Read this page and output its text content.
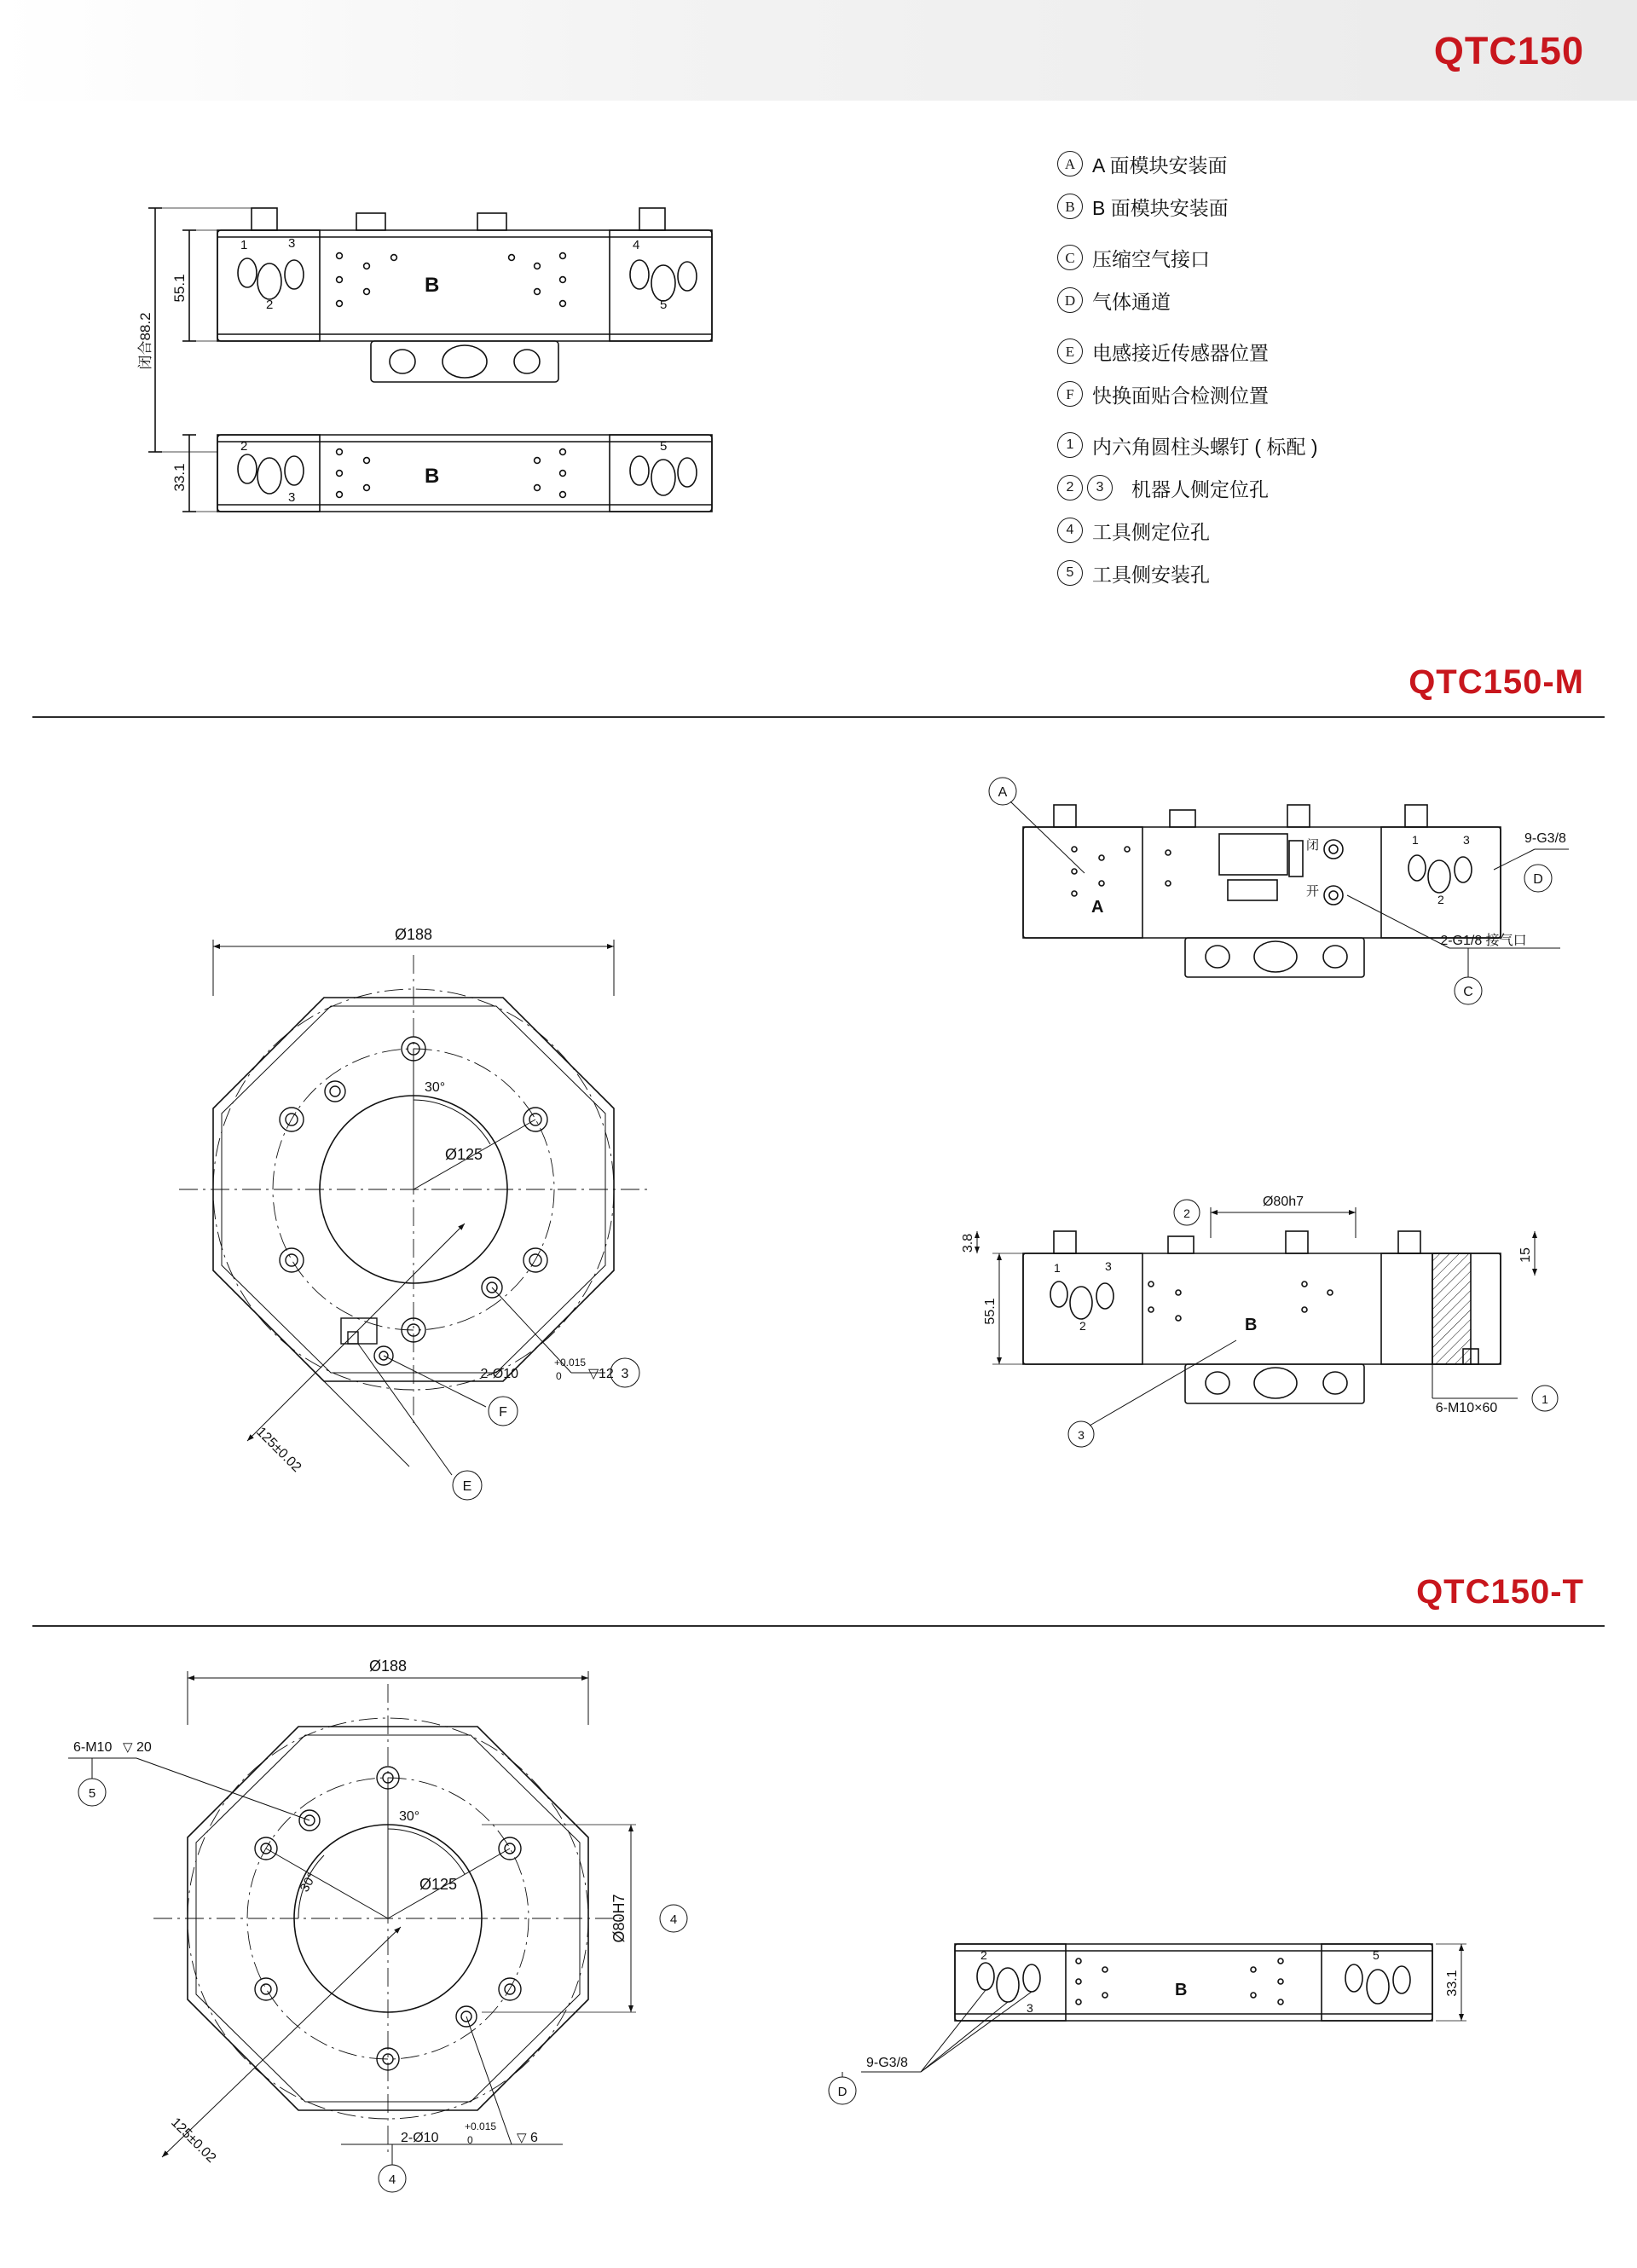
QTC150
A A 面模块安装面
B B 面模块安装面
C 压缩空气接口
D 气体通道
E 电感接近传感器位置
F 快换面贴合检测位置
1 内六角圆柱头螺钉 ( 标配 )
2	3	机器人侧定位孔
4 工具侧定位孔
5 工具侧安装孔
55.1
闭合88.2
33.1
1	3
2
4
5
2
3
5
B
B
QTC150-M
Ø188
Ø125
30°
125±0.02
2-Ø10
+0.015
0	12
F
E
3
▽
A
D
C
9-G3/8
2-G1/8 接气口
闭
开
A
1	3
2
55.1
3.8
15
Ø80h7
2
6-M10×60
1
3
1	3
2	B
QTC150-T
Ø188
Ø125
Ø80H7	4
30°
30°
125±0.02
6-M10 20
5
2-Ø10
+0.015
0	6
4
▽
▽
33.1
9-G3/8
D
2
3
5
B
